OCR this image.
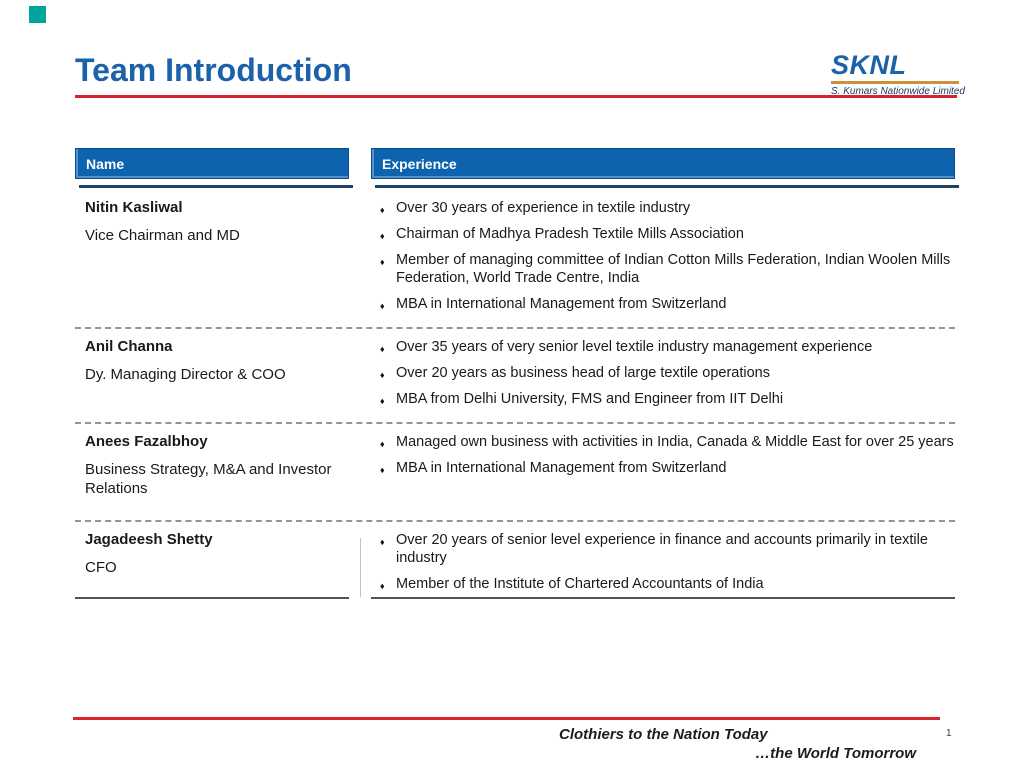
Team Introduction	SKNL
S. Kumars Nationwide Limited
Name	Experience
Nitin Kasliwal
Vice Chairman and MD
♦ Over 30 years of experience in textile industry
♦ Chairman of Madhya Pradesh Textile Mills Association
♦ Member of managing committee of Indian Cotton Mills Federation, Indian Woolen Mills Federation, World Trade Centre, India
♦ MBA in International Management from Switzerland
Anil Channa
Dy. Managing Director & COO
♦ Over 35 years of very senior level textile industry management experience
♦ Over 20 years as business head of large textile operations
♦ MBA from Delhi University, FMS and Engineer from IIT Delhi
Anees Fazalbhoy
Business Strategy, M&A and Investor Relations
♦ Managed own business with activities in India, Canada & Middle East for over 25 years
♦ MBA in International Management from Switzerland
Jagadeesh Shetty
CFO
♦ Over 20 years of senior level experience in finance and accounts primarily in textile industry
♦ Member of the Institute of Chartered Accountants of India
Clothiers to the Nation Today
…the World Tomorrow
1
